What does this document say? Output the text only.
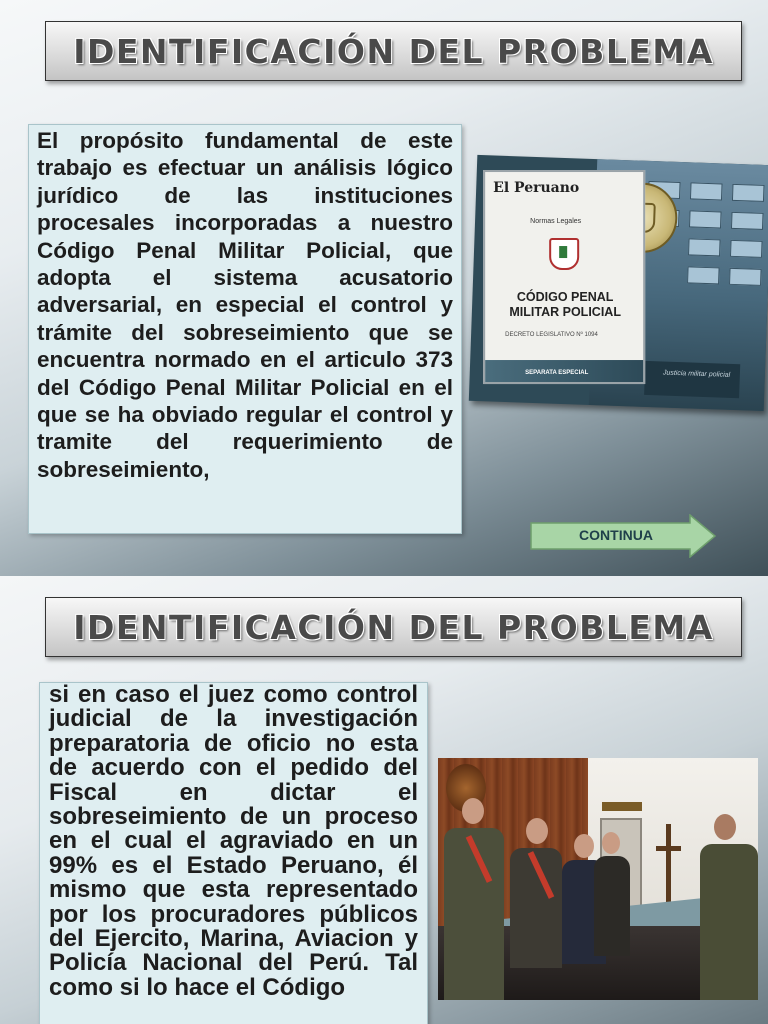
IDENTIFICACIÓN DEL PROBLEMA

El propósito fundamental de este trabajo es efectuar un análisis lógico jurídico de las instituciones procesales incorporadas a nuestro Código Penal Militar Policial, que adopta el sistema acusatorio adversarial, en especial el control y trámite del sobreseimiento que se encuentra normado en el articulo 373 del Código Penal Militar Policial en el que se ha obviado regular el control y tramite del requerimiento de sobreseimiento,

Justicia militar policial
El Peruano
Normas Legales
CÓDIGO PENAL
MILITAR POLICIAL
DECRETO LEGISLATIVO Nº 1094
SEPARATA ESPECIAL
CONTINUA
IDENTIFICACIÓN DEL PROBLEMA

si en caso el juez como control judicial de la investigación preparatoria de oficio no esta de acuerdo con el pedido del Fiscal en dictar el sobreseimiento de un proceso en el cual el agraviado en un 99% es el Estado Peruano, él mismo que esta representado por los procuradores públicos del Ejercito, Marina, Aviacion y Policía Nacional del Perú. Tal como si lo hace el Código
